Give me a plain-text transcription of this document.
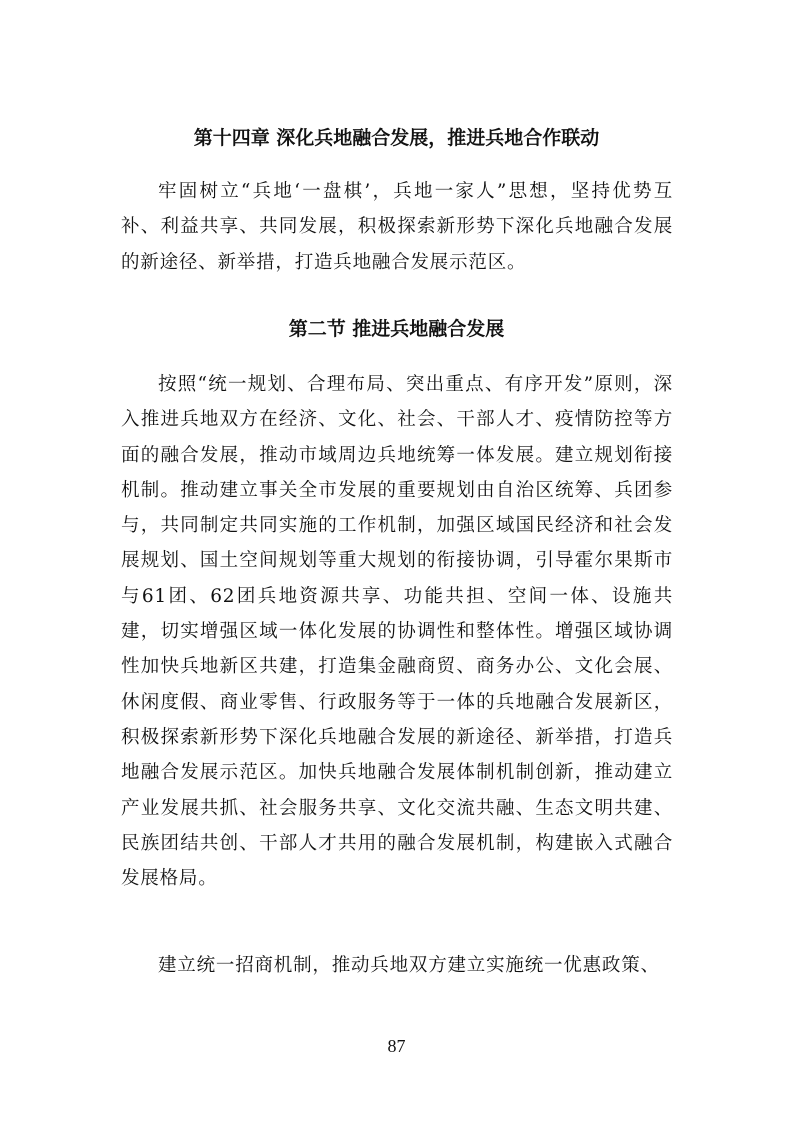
第十四章 深化兵地融合发展，推进兵地合作联动

牢固树立“兵地‘一盘棋’，兵地一家人”思想，坚持优势互补、利益共享、共同发展，积极探索新形势下深化兵地融合发展的新途径、新举措，打造兵地融合发展示范区。

第二节 推进兵地融合发展

按照“统一规划、合理布局、突出重点、有序开发”原则，深入推进兵地双方在经济、文化、社会、干部人才、疫情防控等方面的融合发展，推动市域周边兵地统筹一体发展。建立规划衔接机制。推动建立事关全市发展的重要规划由自治区统筹、兵团参与，共同制定共同实施的工作机制，加强区域国民经济和社会发展规划、国土空间规划等重大规划的衔接协调，引导霍尔果斯市与61团、62团兵地资源共享、功能共担、空间一体、设施共建，切实增强区域一体化发展的协调性和整体性。增强区域协调性加快兵地新区共建，打造集金融商贸、商务办公、文化会展、休闲度假、商业零售、行政服务等于一体的兵地融合发展新区，积极探索新形势下深化兵地融合发展的新途径、新举措，打造兵地融合发展示范区。加快兵地融合发展体制机制创新，推动建立产业发展共抓、社会服务共享、文化交流共融、生态文明共建、民族团结共创、干部人才共用的融合发展机制，构建嵌入式融合发展格局。

建立统一招商机制，推动兵地双方建立实施统一优惠政策、

87
